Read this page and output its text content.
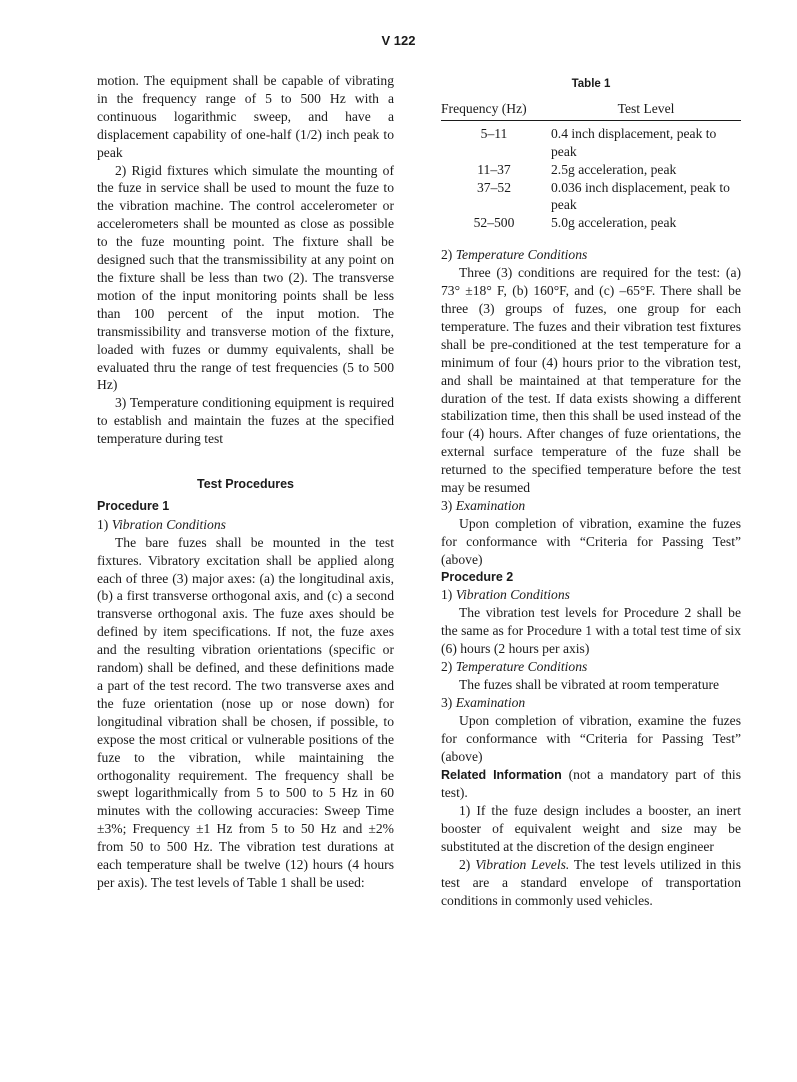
V 122

motion. The equipment shall be capable of vibrating in the frequency range of 5 to 500 Hz with a continuous logarithmic sweep, and have a displacement capability of one-half (1/2) inch peak to peak

2) Rigid fixtures which simulate the mounting of the fuze in service shall be used to mount the fuze to the vibration machine. The control accelerometer or accelerometers shall be mounted as close as possible to the fuze mounting point. The fixture shall be designed such that the transmissibility at any point on the fixture shall be less than two (2). The transverse motion of the input monitoring points shall be less than 100 percent of the input motion. The transmissibility and transverse motion of the fixture, loaded with fuzes or dummy equivalents, shall be evaluated thru the range of test frequencies (5 to 500 Hz)

3) Temperature conditioning equipment is required to establish and maintain the fuzes at the specified temperature during test

Test Procedures
Procedure 1

1) Vibration Conditions

The bare fuzes shall be mounted in the test fixtures. Vibratory excitation shall be applied along each of three (3) major axes: (a) the longitudinal axis, (b) a first transverse orthogonal axis, and (c) a second transverse orthogonal axis. The fuze axes should be defined by item specifications. If not, the fuze axes and the resulting vibration orientations (specific or random) shall be defined, and these definitions made a part of the test record. The two transverse axes and the fuze orientation (nose up or nose down) for longitudinal vibration shall be chosen, if possible, to expose the most critical or vulnerable positions of the fuze to the vibration, while maintaining the orthogonality requirement. The frequency shall be swept logarithmically from 5 to 500 to 5 Hz in 60 minutes with the collowing accuracies: Sweep Time ±3%; Frequency ±1 Hz from 5 to 50 Hz and ±2% from 50 to 500 Hz. The vibration test durations at each temperature shall be twelve (12) hours (4 hours per axis). The test levels of Table 1 shall be used:

Table 1
Frequency (Hz)	Test Level
5–11	0.4 inch displacement, peak to peak
11–37	2.5g acceleration, peak
37–52	0.036 inch displacement, peak to peak
52–500	5.0g acceleration, peak

2) Temperature Conditions

Three (3) conditions are required for the test: (a) 73° ±18° F, (b) 160°F, and (c) –65°F. There shall be three (3) groups of fuzes, one group for each temperature. The fuzes and their vibration test fixtures shall be pre-conditioned at the test temperature for a minimum of four (4) hours prior to the vibration test, and shall be maintained at that temperature for the duration of the test. If data exists showing a different stabilization time, then this shall be used instead of the four (4) hours. After changes of fuze orientations, the external surface temperature of the fuze shall be returned to the specified temperature before the test may be resumed

3) Examination

Upon completion of vibration, examine the fuzes for conformance with “Criteria for Passing Test” (above)

Procedure 2

1) Vibration Conditions

The vibration test levels for Procedure 2 shall be the same as for Procedure 1 with a total test time of six (6) hours (2 hours per axis)

2) Temperature Conditions

The fuzes shall be vibrated at room temperature

3) Examination

Upon completion of vibration, examine the fuzes for conformance with “Criteria for Passing Test” (above)

Related Information (not a mandatory part of this test).

1) If the fuze design includes a booster, an inert booster of equivalent weight and size may be substituted at the discretion of the design engineer

2) Vibration Levels. The test levels utilized in this test are a standard envelope of transportation conditions in commonly used vehicles.
